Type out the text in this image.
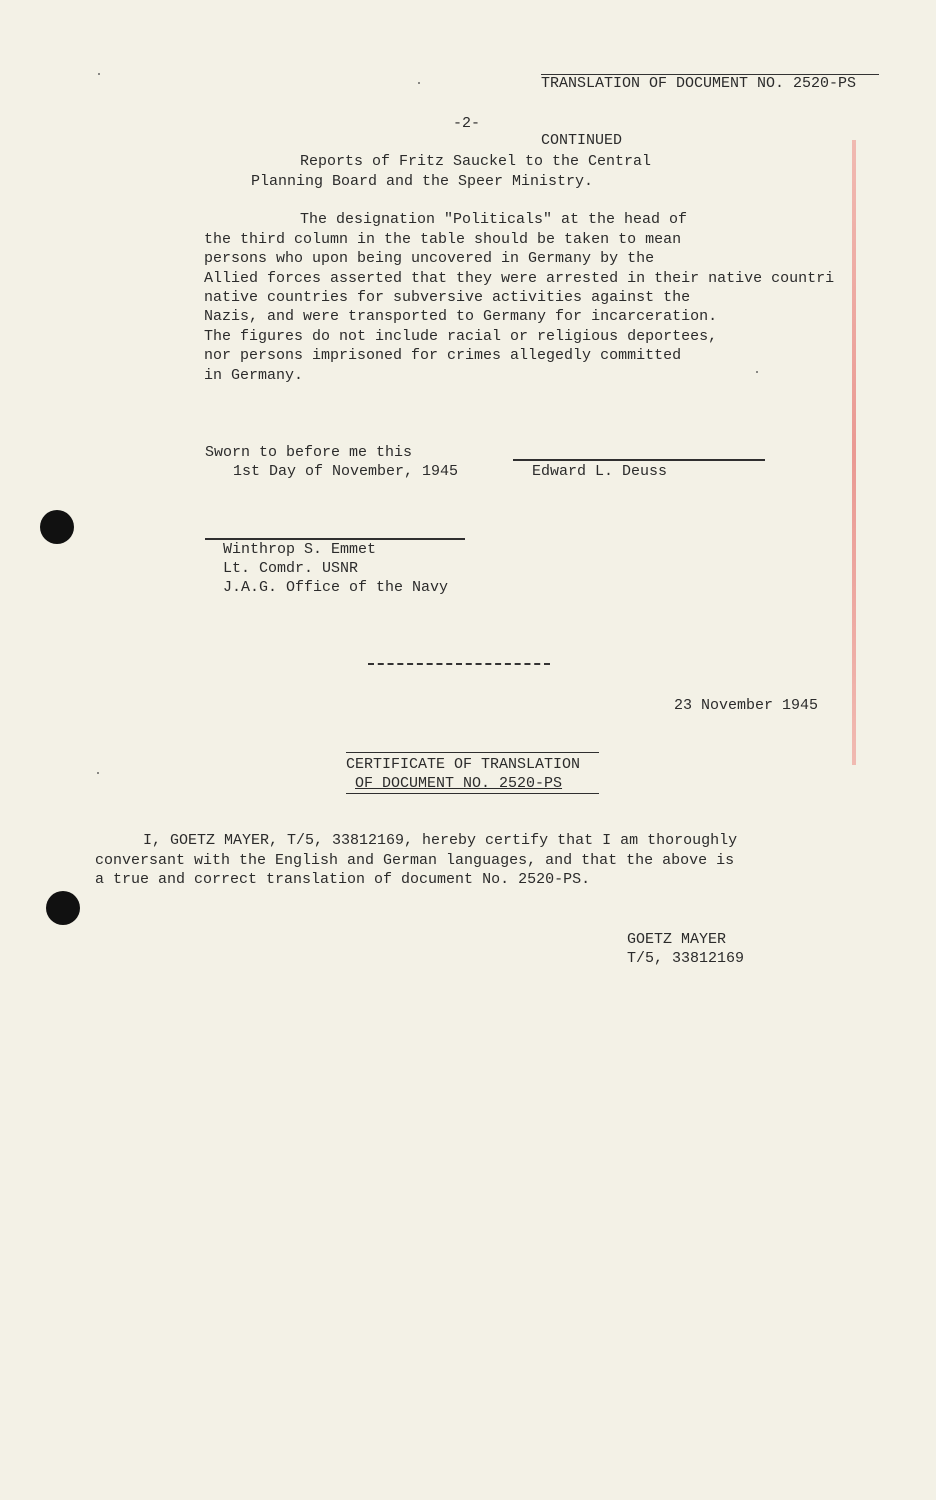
TRANSLATION OF DOCUMENT NO. 2520-PS

CONTINUED

-2-
Reports of Fritz Sauckel to the Central
Planning Board and the Speer Ministry.
The designation "Politicals" at the head of
the third column in the table should be taken to mean
persons who upon being uncovered in Germany by the
Allied forces asserted that they were arrested in their native countri
native countries for subversive activities against the
Nazis, and were transported to Germany for incarceration.
The figures do not include racial or religious deportees,
nor persons imprisoned for crimes allegedly committed
in Germany.
Sworn to before me this
1st Day of November, 1945	Edward L. Deuss
Winthrop S. Emmet
Lt. Comdr. USNR
J.A.G. Office of the Navy
23 November 1945
CERTIFICATE OF TRANSLATION
OF DOCUMENT NO. 2520-PS
I, GOETZ MAYER, T/5, 33812169, hereby certify that I am thoroughly
conversant with the English and German languages, and that the above is
a true and correct translation of document No. 2520-PS.
GOETZ MAYER
T/5, 33812169
